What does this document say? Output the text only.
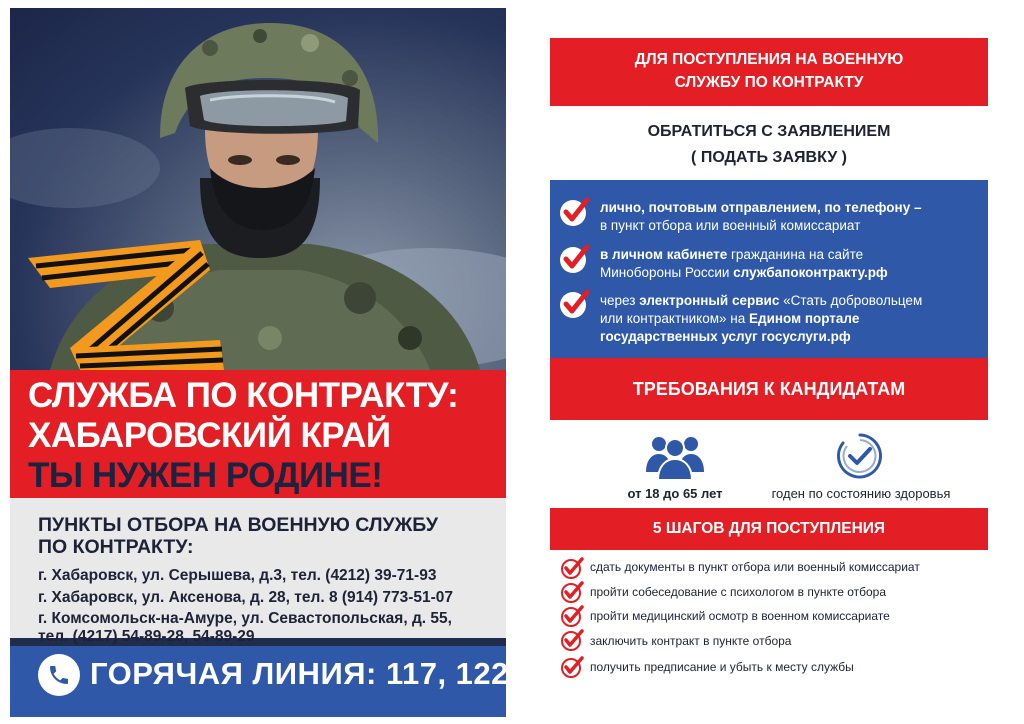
СЛУЖБА ПО КОНТРАКТУ:
ХАБАРОВСКИЙ КРАЙ
ТЫ НУЖЕН РОДИНЕ!
ПУНКТЫ ОТБОРА НА ВОЕННУЮ СЛУЖБУ
ПО КОНТРАКТУ:
г. Хабаровск, ул. Серышева, д.3, тел. (4212) 39-71-93
г. Хабаровск, ул. Аксенова, д. 28, тел. 8 (914) 773-51-07
г. Комсомольск-на-Амуре, ул. Севастопольская, д. 55,
тел. (4217) 54-89-28, 54-89-29
ГОРЯЧАЯ ЛИНИЯ: 117, 122
ДЛЯ ПОСТУПЛЕНИЯ НА ВОЕННУЮ
СЛУЖБУ ПО КОНТРАКТУ
ОБРАТИТЬСЯ С ЗАЯВЛЕНИЕМ
( ПОДАТЬ ЗАЯВКУ )
лично, почтовым отправлением, по телефону –
в пункт отбора или военный комиссариат
в личном кабинете гражданина на сайте
Минобороны России службапоконтракту.рф
через электронный сервис «Стать добровольцем
или контрактником» на Едином портале
государственных услуг госуслуги.рф
ТРЕБОВАНИЯ К КАНДИДАТАМ
от 18 до 65 лет	годен по состоянию здоровья
5 ШАГОВ ДЛЯ ПОСТУПЛЕНИЯ
сдать документы в пункт отбора или военный комиссариат
пройти собеседование с психологом в пункте отбора
пройти медицинский осмотр в военном комиссариате
заключить контракт в пункте отбора
получить предписание и убыть к месту службы
